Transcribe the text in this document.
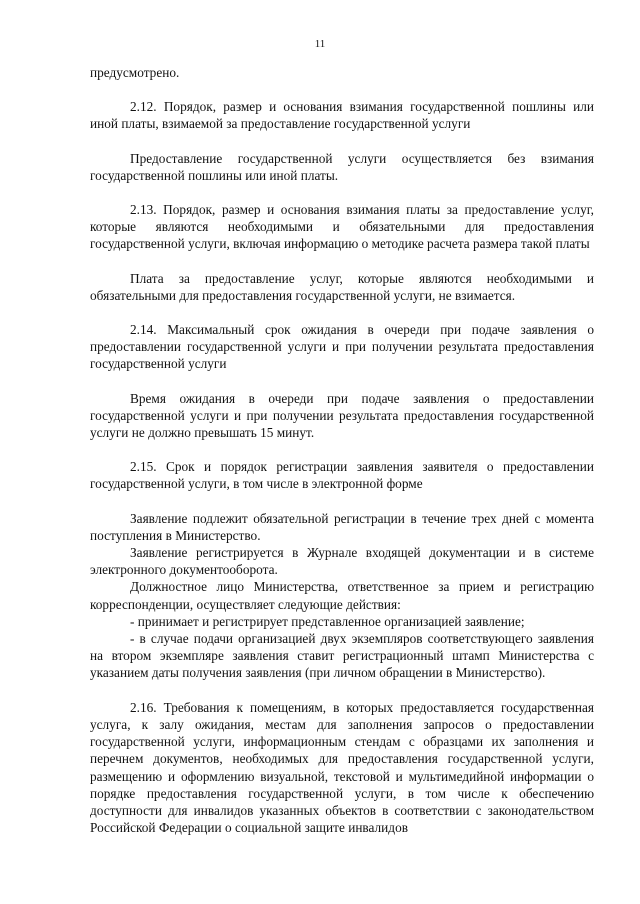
11

предусмотрено.

2.12. Порядок, размер и основания взимания государственной пошлины или иной платы, взимаемой за предоставление государственной услуги

Предоставление государственной услуги осуществляется без взимания государственной пошлины или иной платы.

2.13. Порядок, размер и основания взимания платы за предоставление услуг, которые являются необходимыми и обязательными для предоставления государственной услуги, включая информацию о методике расчета размера такой платы

Плата за предоставление услуг, которые являются необходимыми и обязательными для предоставления государственной услуги, не взимается.

2.14. Максимальный срок ожидания в очереди при подаче заявления о предоставлении государственной услуги и при получении результата предоставления государственной услуги

Время ожидания в очереди при подаче заявления о предоставлении государственной услуги и при получении результата предоставления государственной услуги не должно превышать 15 минут.

2.15. Срок и порядок регистрации заявления заявителя о предоставлении государственной услуги, в том числе в электронной форме

Заявление подлежит обязательной регистрации в течение трех дней с момента поступления в Министерство.

Заявление регистрируется в Журнале входящей документации и в системе электронного документооборота.

Должностное лицо Министерства, ответственное за прием и регистрацию корреспонденции, осуществляет следующие действия:

- принимает и регистрирует представленное организацией заявление;

- в случае подачи организацией двух экземпляров соответствующего заявления на втором экземпляре заявления ставит регистрационный штамп Министерства с указанием даты получения заявления (при личном обращении в Министерство).

2.16. Требования к помещениям, в которых предоставляется государственная услуга, к залу ожидания, местам для заполнения запросов о предоставлении государственной услуги, информационным стендам с образцами их заполнения и перечнем документов, необходимых для предоставления государственной услуги, размещению и оформлению визуальной, текстовой и мультимедийной информации о порядке предоставления государственной услуги, в том числе к обеспечению доступности для инвалидов указанных объектов в соответствии с законодательством Российской Федерации о социальной защите инвалидов
